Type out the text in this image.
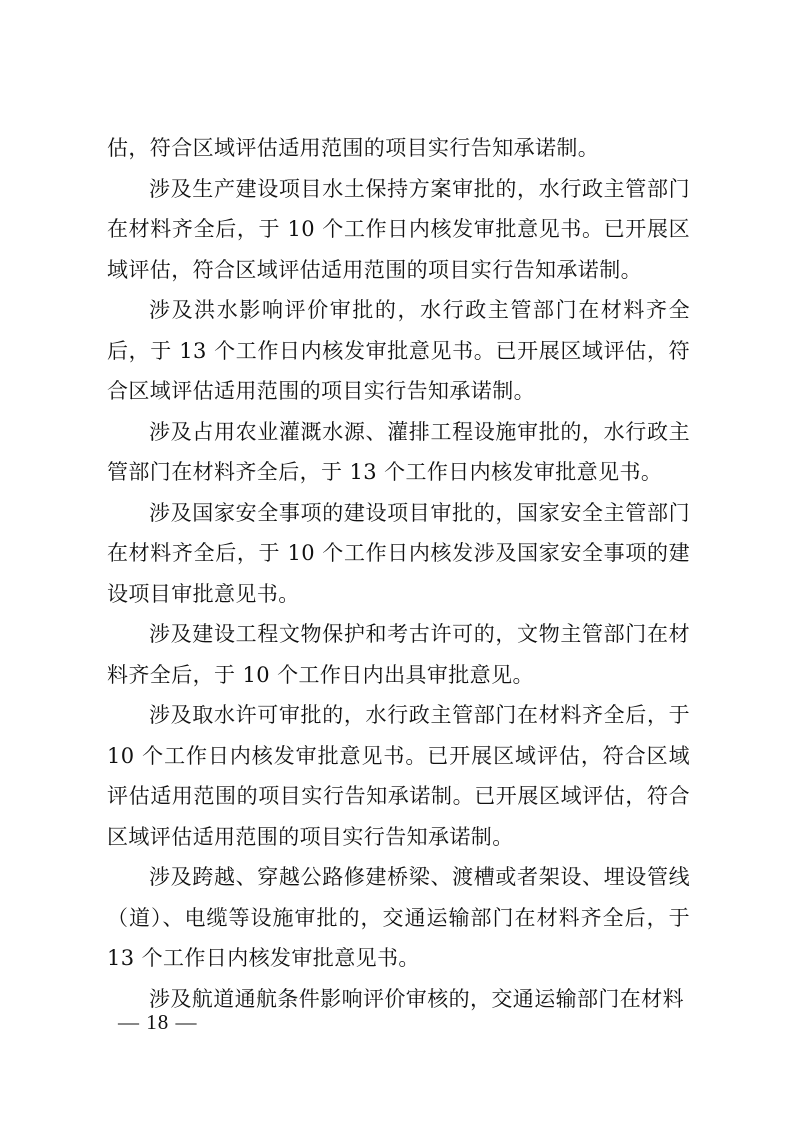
估，符合区域评估适用范围的项目实行告知承诺制。

涉及生产建设项目水土保持方案审批的，水行政主管部门在材料齐全后，于 10 个工作日内核发审批意见书。已开展区域评估，符合区域评估适用范围的项目实行告知承诺制。

涉及洪水影响评价审批的，水行政主管部门在材料齐全后，于 13 个工作日内核发审批意见书。已开展区域评估，符合区域评估适用范围的项目实行告知承诺制。

涉及占用农业灌溉水源、灌排工程设施审批的，水行政主管部门在材料齐全后，于 13 个工作日内核发审批意见书。

涉及国家安全事项的建设项目审批的，国家安全主管部门在材料齐全后，于 10 个工作日内核发涉及国家安全事项的建设项目审批意见书。

涉及建设工程文物保护和考古许可的，文物主管部门在材料齐全后，于 10 个工作日内出具审批意见。

涉及取水许可审批的，水行政主管部门在材料齐全后，于 10 个工作日内核发审批意见书。已开展区域评估，符合区域评估适用范围的项目实行告知承诺制。已开展区域评估，符合区域评估适用范围的项目实行告知承诺制。

涉及跨越、穿越公路修建桥梁、渡槽或者架设、埋设管线（道）、电缆等设施审批的，交通运输部门在材料齐全后，于 13 个工作日内核发审批意见书。

涉及航道通航条件影响评价审核的，交通运输部门在材料

— 18 —
